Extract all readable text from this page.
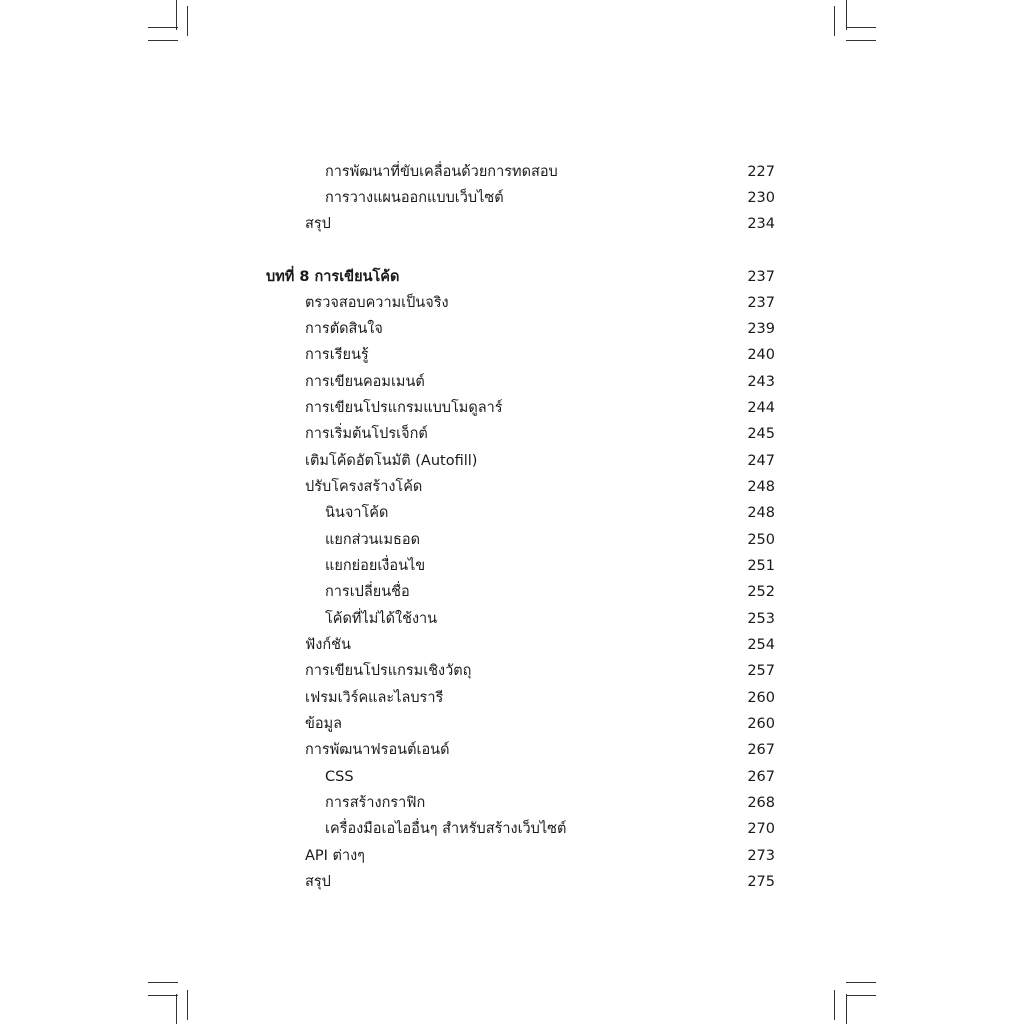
การพัฒนาที่ขับเคลื่อนด้วยการทดสอบ	227
การวางแผนออกแบบเว็บไซต์	230
สรุป	234
บทที่ 8 การเขียนโค้ด	237
ตรวจสอบความเป็นจริง	237
การตัดสินใจ	239
การเรียนรู้	240
การเขียนคอมเมนต์	243
การเขียนโปรแกรมแบบโมดูลาร์	244
การเริ่มต้นโปรเจ็กต์	245
เติมโค้ดอัตโนมัติ (Autofill)	247
ปรับโครงสร้างโค้ด	248
นินจาโค้ด	248
แยกส่วนเมธอด	250
แยกย่อยเงื่อนไข	251
การเปลี่ยนชื่อ	252
โค้ดที่ไม่ได้ใช้งาน	253
ฟังก์ชัน	254
การเขียนโปรแกรมเชิงวัตถุ	257
เฟรมเวิร์คและไลบรารี	260
ข้อมูล	260
การพัฒนาฟรอนต์เอนด์	267
CSS	267
การสร้างกราฟิก	268
เครื่องมือเอไออื่นๆ สำหรับสร้างเว็บไซต์	270
API ต่างๆ	273
สรุป	275
